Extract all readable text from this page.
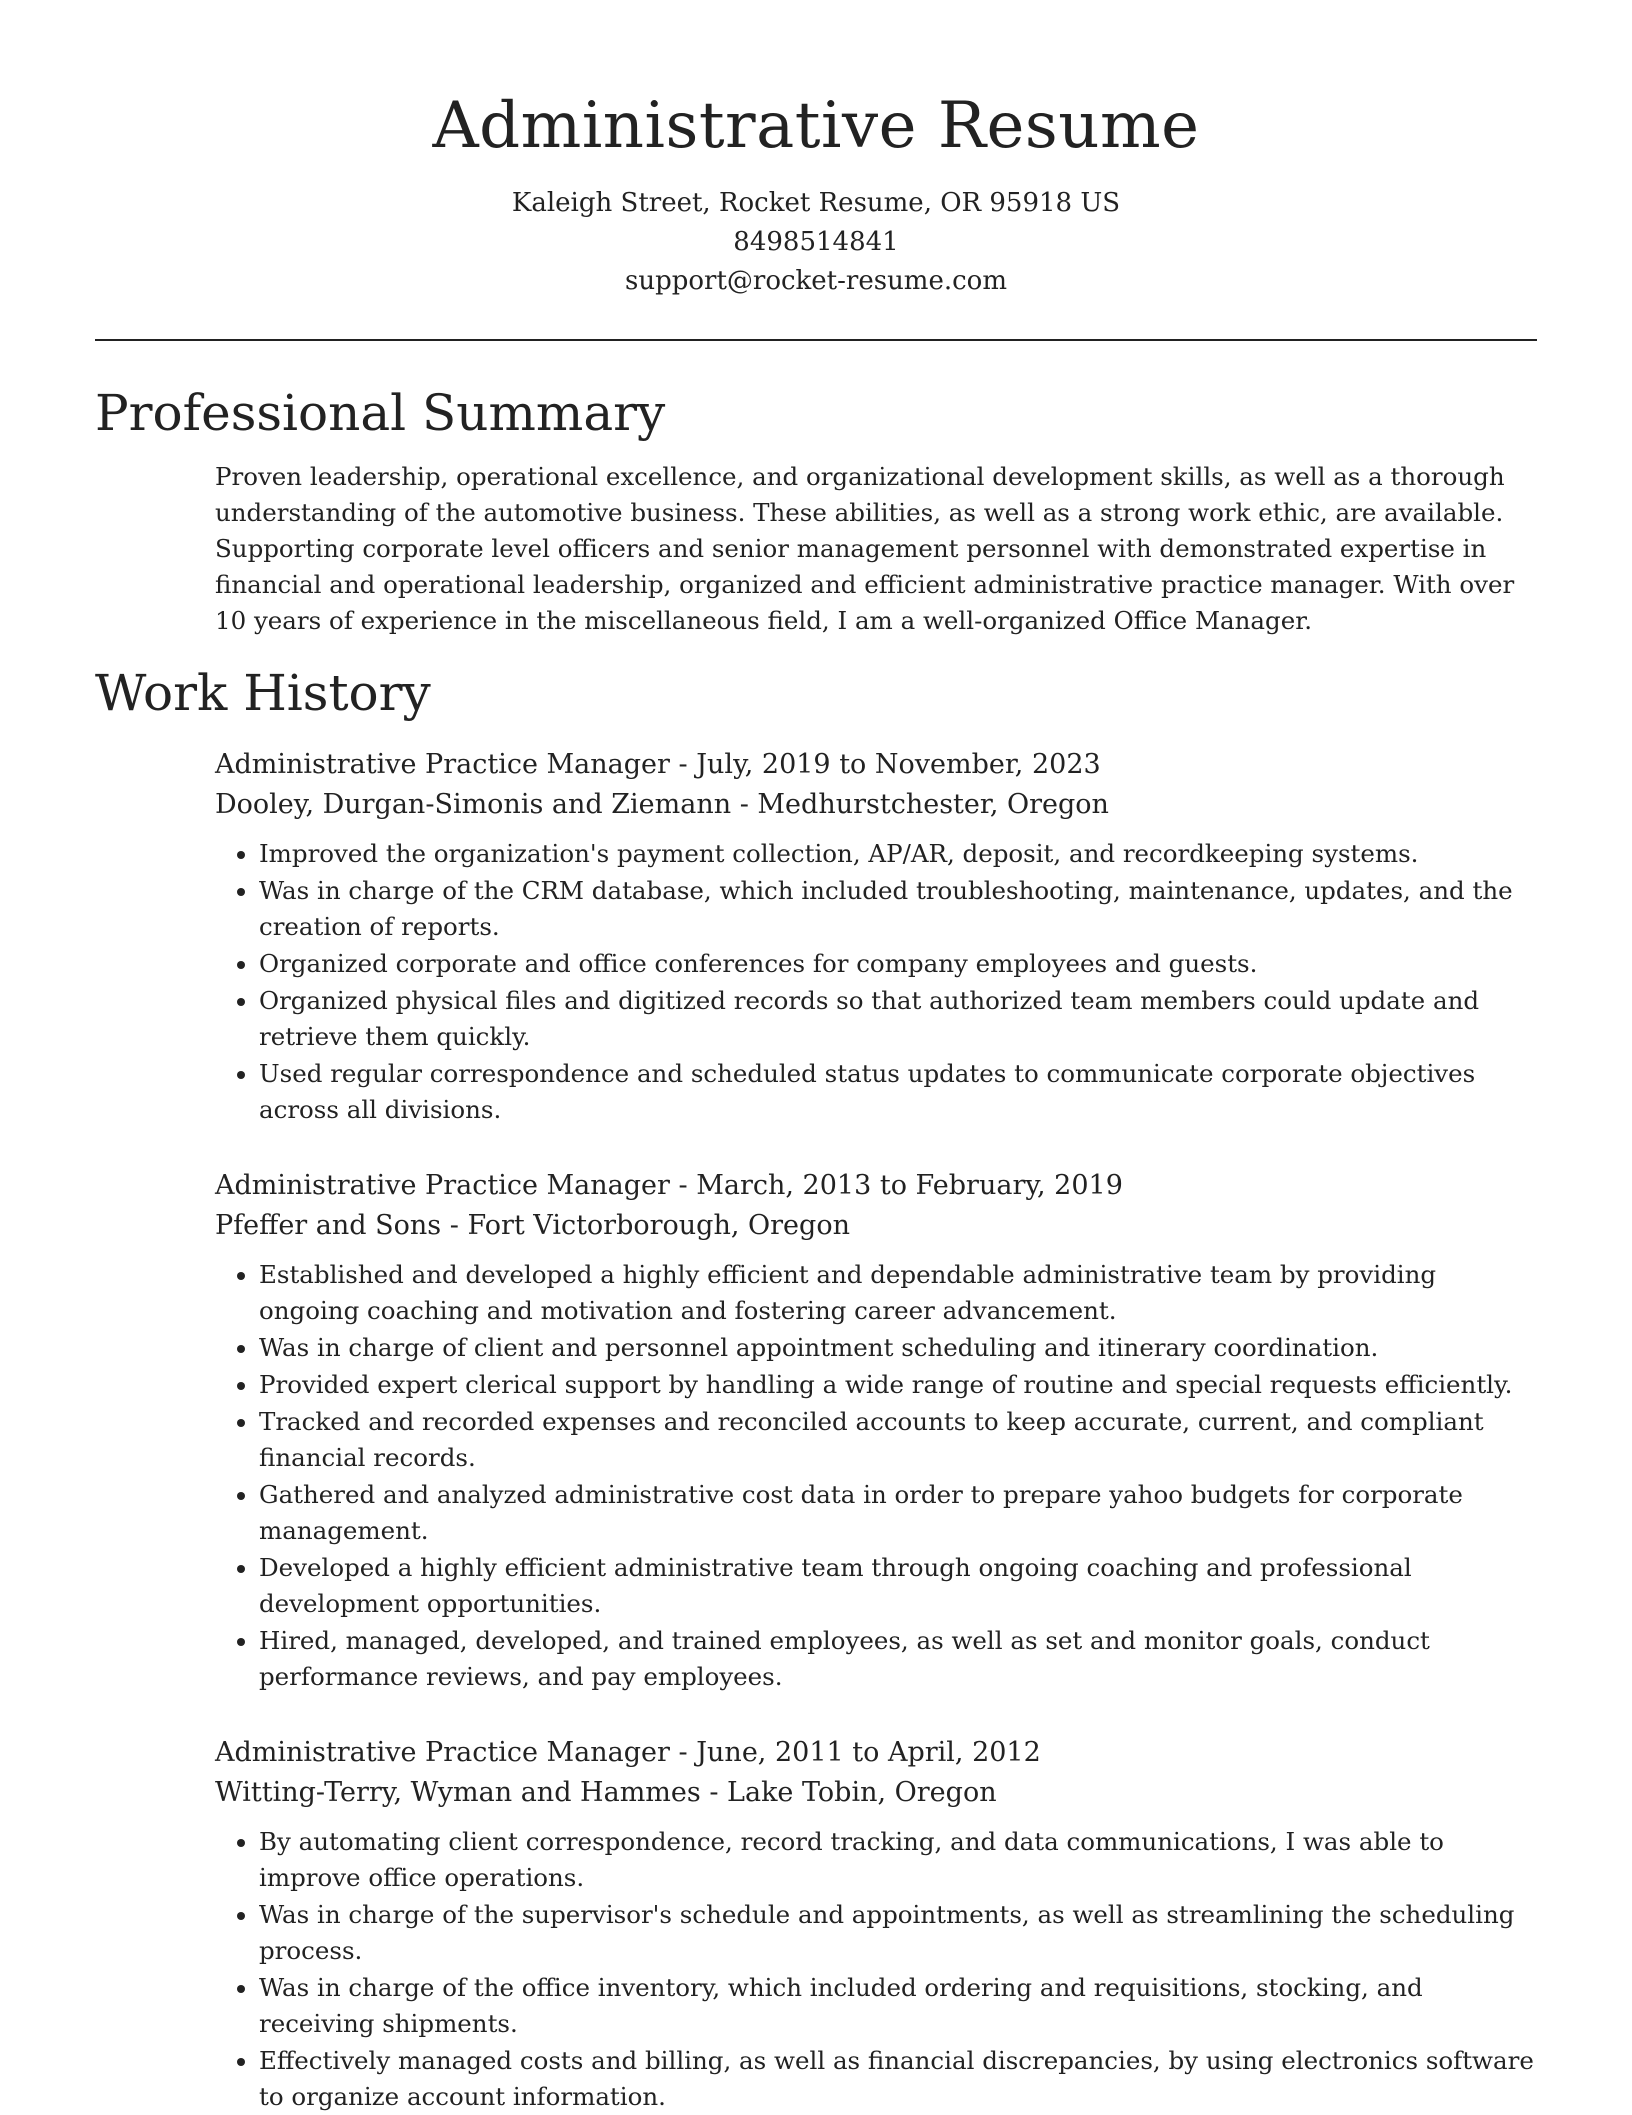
Administrative Resume
Kaleigh Street, Rocket Resume, OR 95918 US
8498514841
support@rocket-resume.com
Professional Summary

Proven leadership, operational excellence, and organizational development skills, as well as a thorough understanding of the automotive business. These abilities, as well as a strong work ethic, are available. Supporting corporate level officers and senior management personnel with demonstrated expertise in financial and operational leadership, organized and efficient administrative practice manager. With over 10 years of experience in the miscellaneous field, I am a well-organized Office Manager.

Work History
Administrative Practice Manager - July, 2019 to November, 2023
Dooley, Durgan-Simonis and Ziemann - Medhurstchester, Oregon
• Improved the organization's payment collection, AP/AR, deposit, and recordkeeping systems.
• Was in charge of the CRM database, which included troubleshooting, maintenance, updates, and the creation of reports.
• Organized corporate and office conferences for company employees and guests.
• Organized physical files and digitized records so that authorized team members could update and retrieve them quickly.
• Used regular correspondence and scheduled status updates to communicate corporate objectives across all divisions.
Administrative Practice Manager - March, 2013 to February, 2019
Pfeffer and Sons - Fort Victorborough, Oregon
• Established and developed a highly efficient and dependable administrative team by providing ongoing coaching and motivation and fostering career advancement.
• Was in charge of client and personnel appointment scheduling and itinerary coordination.
• Provided expert clerical support by handling a wide range of routine and special requests efficiently.
• Tracked and recorded expenses and reconciled accounts to keep accurate, current, and compliant financial records.
• Gathered and analyzed administrative cost data in order to prepare yahoo budgets for corporate management.
• Developed a highly efficient administrative team through ongoing coaching and professional development opportunities.
• Hired, managed, developed, and trained employees, as well as set and monitor goals, conduct performance reviews, and pay employees.
Administrative Practice Manager - June, 2011 to April, 2012
Witting-Terry, Wyman and Hammes - Lake Tobin, Oregon
• By automating client correspondence, record tracking, and data communications, I was able to improve office operations.
• Was in charge of the supervisor's schedule and appointments, as well as streamlining the scheduling process.
• Was in charge of the office inventory, which included ordering and requisitions, stocking, and receiving shipments.
• Effectively managed costs and billing, as well as financial discrepancies, by using electronics software to organize account information.
